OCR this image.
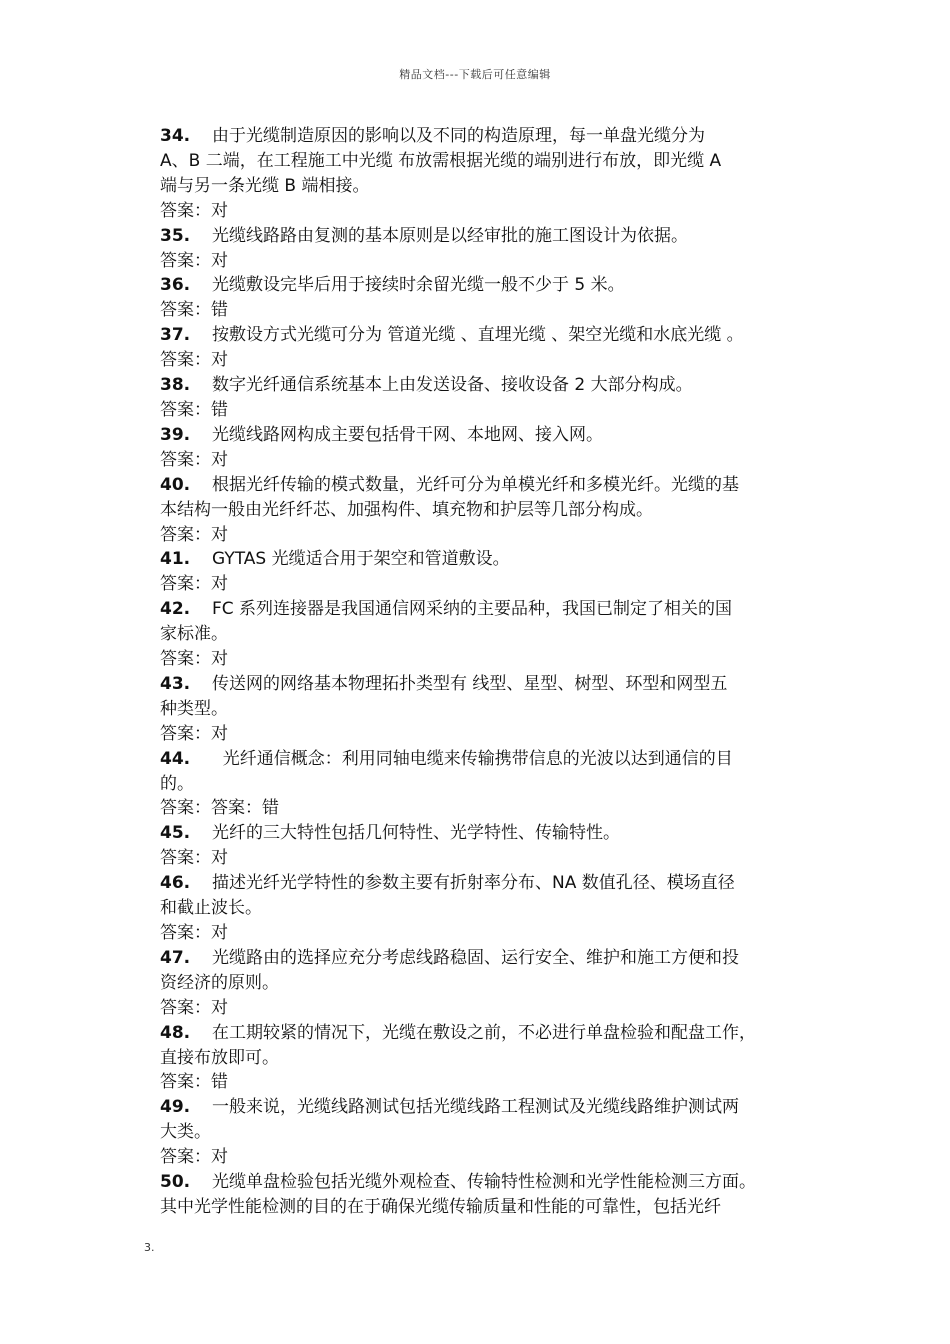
精品文档---下载后可任意编辑
34. 由于光缆制造原因的影响以及不同的构造原理，每一单盘光缆分为
A、B 二端，在工程施工中光缆 布放需根据光缆的端别进行布放，即光缆 A
端与另一条光缆 B 端相接。
答案：对
35. 光缆线路路由复测的基本原则是以经审批的施工图设计为依据。
答案：对
36. 光缆敷设完毕后用于接续时余留光缆一般不少于 5 米。
答案：错
37. 按敷设方式光缆可分为 管道光缆 、直埋光缆 、架空光缆和水底光缆 。
答案：对
38. 数字光纤通信系统基本上由发送设备、接收设备 2 大部分构成。
答案：错
39. 光缆线路网构成主要包括骨干网、本地网、接入网。
答案：对
40. 根据光纤传输的模式数量，光纤可分为单模光纤和多模光纤。光缆的基
本结构一般由光纤纤芯、加强构件、填充物和护层等几部分构成。
答案：对
41. GYTAS 光缆适合用于架空和管道敷设。
答案：对
42. FC 系列连接器是我国通信网采纳的主要品种，我国已制定了相关的国
家标准。
答案：对
43. 传送网的网络基本物理拓扑类型有 线型、星型、树型、环型和网型五
种类型。
答案：对
44.  光纤通信概念：利用同轴电缆来传输携带信息的光波以达到通信的目
的。
答案：答案：错
45. 光纤的三大特性包括几何特性、光学特性、传输特性。
答案：对
46. 描述光纤光学特性的参数主要有折射率分布、NA 数值孔径、模场直径
和截止波长。
答案：对
47. 光缆路由的选择应充分考虑线路稳固、运行安全、维护和施工方便和投
资经济的原则。
答案：对
48. 在工期较紧的情况下，光缆在敷设之前，不必进行单盘检验和配盘工作，
直接布放即可。
答案：错
49. 一般来说，光缆线路测试包括光缆线路工程测试及光缆线路维护测试两
大类。
答案：对
50. 光缆单盘检验包括光缆外观检查、传输特性检测和光学性能检测三方面。
其中光学性能检测的目的在于确保光缆传输质量和性能的可靠性，包括光纤
3.
